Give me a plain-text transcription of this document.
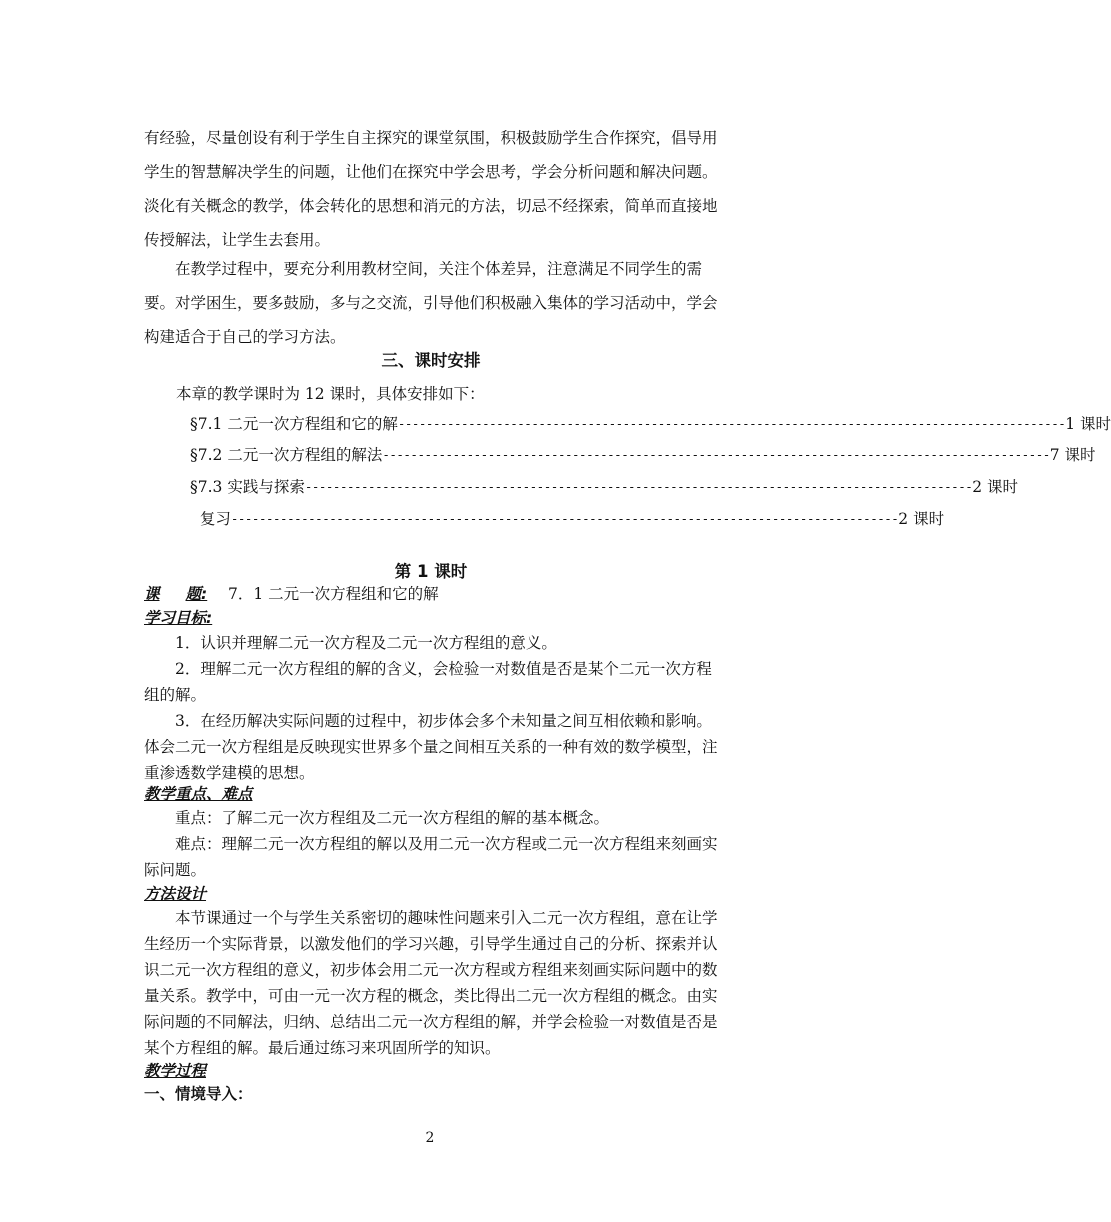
有经验，尽量创设有利于学生自主探究的课堂氛围，积极鼓励学生合作探究，倡导用学生的智慧解决学生的问题，让他们在探究中学会思考，学会分析问题和解决问题。淡化有关概念的教学，体会转化的思想和消元的方法，切忌不经探索，简单而直接地传授解法，让学生去套用。

在教学过程中，要充分利用教材空间，关注个体差异，注意满足不同学生的需要。对学困生，要多鼓励，多与之交流，引导他们积极融入集体的学习活动中，学会构建适合于自己的学习方法。

三、课时安排

本章的教学课时为 12 课时，具体安排如下：

§7.1 二元一次方程组和它的解 ----------------------------------------------------------------------------------------------- 1 课时
§7.2 二元一次方程组的解法 ----------------------------------------------------------------------------------------------- 7 课时
§7.3 实践与探索 ----------------------------------------------------------------------------------------------- 2 课时
复习 ----------------------------------------------------------------------------------------------- 2 课时

第 1 课时

课 题: 7．1 二元一次方程组和它的解

学习目标:

1．认识并理解二元一次方程及二元一次方程组的意义。

2．理解二元一次方程组的解的含义，会检验一对数值是否是某个二元一次方程组的解。

3．在经历解决实际问题的过程中，初步体会多个未知量之间互相依赖和影响。体会二元一次方程组是反映现实世界多个量之间相互关系的一种有效的数学模型，注重渗透数学建模的思想。

教学重点、难点

重点：了解二元一次方程组及二元一次方程组的解的基本概念。

难点：理解二元一次方程组的解以及用二元一次方程或二元一次方程组来刻画实际问题。

方法设计

本节课通过一个与学生关系密切的趣味性问题来引入二元一次方程组，意在让学生经历一个实际背景，以激发他们的学习兴趣，引导学生通过自己的分析、探索并认识二元一次方程组的意义，初步体会用二元一次方程或方程组来刻画实际问题中的数量关系。教学中，可由一元一次方程的概念，类比得出二元一次方程组的概念。由实际问题的不同解法，归纳、总结出二元一次方程组的解，并学会检验一对数值是否是某个方程组的解。最后通过练习来巩固所学的知识。

教学过程

一、情境导入：

2
